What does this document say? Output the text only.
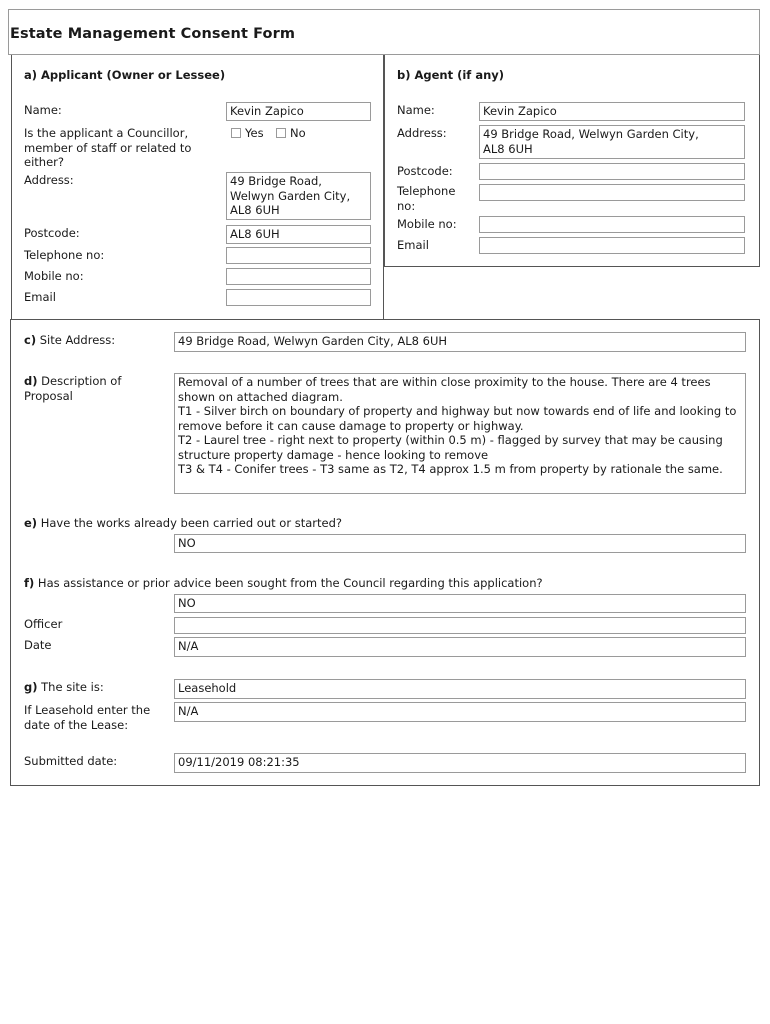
Estate Management Consent Form
a) Applicant (Owner or Lessee)
Name:	Kevin Zapico
Is the applicant a Councillor, member of staff or related to either?
Yes	No
Address:	49 Bridge Road,
Welwyn Garden City,
AL8 6UH
Postcode:	AL8 6UH
Telephone no:
Mobile no:
Email
b) Agent (if any)
Name:	Kevin Zapico
Address:	49 Bridge Road, Welwyn Garden City,
AL8 6UH
Postcode:
Telephone
no:
Mobile no:
Email
c) Site Address:	49 Bridge Road, Welwyn Garden City, AL8 6UH
d) Description of Proposal
Removal of a number of trees that are within close proximity to the house. There are 4 trees shown on attached diagram.
T1 - Silver birch on boundary of property and highway but now towards end of life and looking to remove before it can cause damage to property or highway.
T2 - Laurel tree - right next to property (within 0.5 m) - flagged by survey that may be causing structure property damage - hence looking to remove
T3 & T4 - Conifer trees - T3 same as T2, T4 approx 1.5 m from property by rationale the same.
e) Have the works already been carried out or started?
NO
f) Has assistance or prior advice been sought from the Council regarding this application?
NO
Officer
Date	N/A
g) The site is:	Leasehold
If Leasehold enter the date of the Lease:
N/A
Submitted date:	09/11/2019 08:21:35
